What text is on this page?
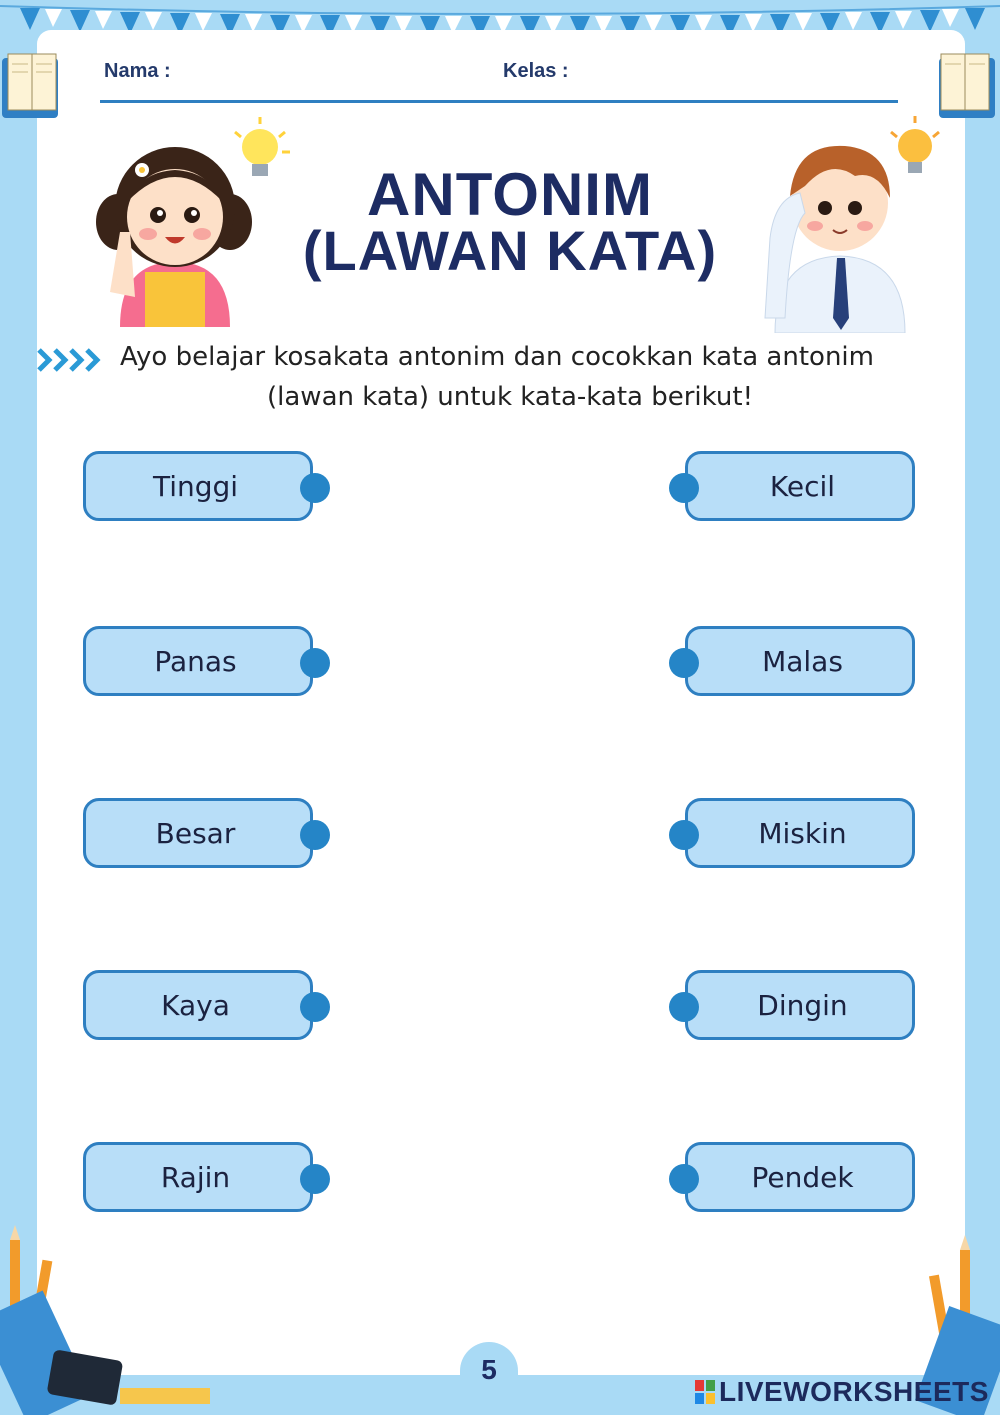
Nama :	Kelas :
ANTONIM
(LAWAN KATA)
Ayo belajar kosakata antonim dan cocokkan kata antonim
(lawan kata) untuk kata-kata berikut!
Tinggi
Panas
Besar
Kaya
Rajin
Kecil
Malas
Miskin
Dingin
Pendek
5
LIVEWORKSHEETS
